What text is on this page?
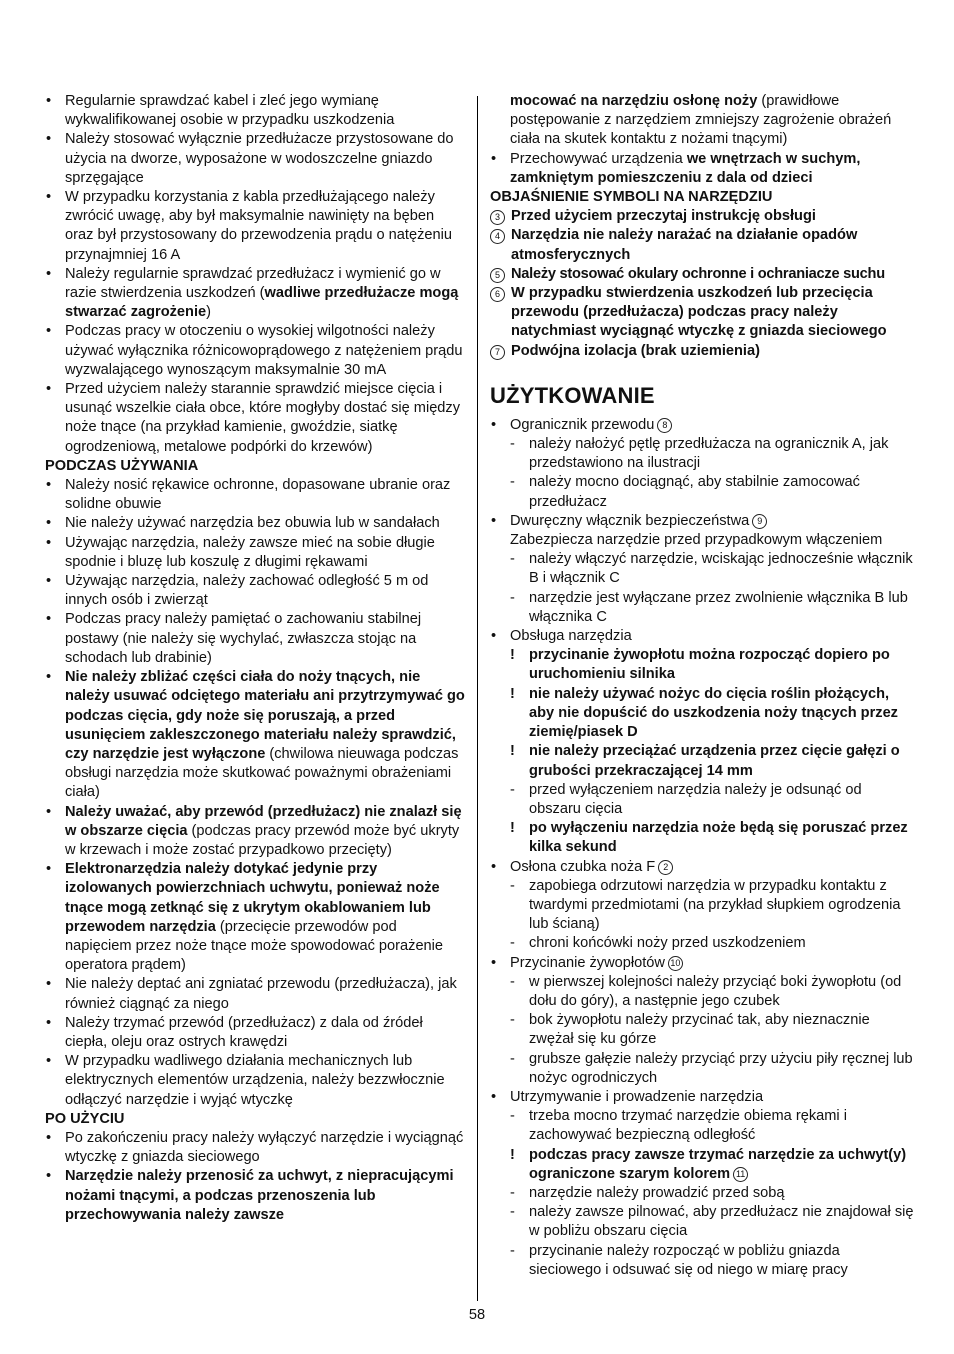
• Regularnie sprawdzać kabel i zleć jego wymianę wykwalifikowanej osobie w przypadku uszkodzenia
• Należy stosować wyłącznie przedłużacze przystosowane do użycia na dworze, wyposażone w wodoszczelne gniazdo sprzęgające
• W przypadku korzystania z kabla przedłużającego należy zwrócić uwagę, aby był maksymalnie nawinięty na bęben oraz był przystosowany do przewodzenia prądu o natężeniu przynajmniej 16 A
• Należy regularnie sprawdzać przedłużacz i wymienić go w razie stwierdzenia uszkodzeń (wadliwe przedłużacze mogą stwarzać zagrożenie)
• Podczas pracy w otoczeniu o wysokiej wilgotności należy używać wyłącznika różnicowoprądowego z natężeniem prądu wyzwalającego wynoszącym maksymalnie 30 mA
• Przed użyciem należy starannie sprawdzić miejsce cięcia i usunąć wszelkie ciała obce, które mogłyby dostać się między noże tnące (na przykład kamienie, gwoździe, siatkę ogrodzeniową, metalowe podpórki do krzewów)
PODCZAS UŻYWANIA
• Należy nosić rękawice ochronne, dopasowane ubranie oraz solidne obuwie
• Nie należy używać narzędzia bez obuwia lub w sandałach
• Używając narzędzia, należy zawsze mieć na sobie długie spodnie i bluzę lub koszulę z długimi rękawami
• Używając narzędzia, należy zachować odległość 5 m od innych osób i zwierząt
• Podczas pracy należy pamiętać o zachowaniu stabilnej postawy (nie należy się wychylać, zwłaszcza stojąc na schodach lub drabinie)
• Nie należy zbliżać części ciała do noży tnących, nie należy usuwać odciętego materiału ani przytrzymywać go podczas cięcia, gdy noże się poruszają, a przed usunięciem zakleszczonego materiału należy sprawdzić, czy narzędzie jest wyłączone (chwilowa nieuwaga podczas obsługi narzędzia może skutkować poważnymi obrażeniami ciała)
• Należy uważać, aby przewód (przedłużacz) nie znalazł się w obszarze cięcia (podczas pracy przewód może być ukryty w krzewach i może zostać przypadkowo przecięty)
• Elektronarzędzia należy dotykać jedynie przy izolowanych powierzchniach uchwytu, ponieważ noże tnące mogą zetknąć się z ukrytym okablowaniem lub przewodem narzędzia (przecięcie przewodów pod napięciem przez noże tnące może spowodować porażenie operatora prądem)
• Nie należy deptać ani zgniatać przewodu (przedłużacza), jak również ciągnąć za niego
• Należy trzymać przewód (przedłużacz) z dala od źródeł ciepła, oleju oraz ostrych krawędzi
• W przypadku wadliwego działania mechanicznych lub elektrycznych elementów urządzenia, należy bezzwłocznie odłączyć narzędzie i wyjąć wtyczkę
PO UŻYCIU
• Po zakończeniu pracy należy wyłączyć narzędzie i wyciągnąć wtyczkę z gniazda sieciowego
• Narzędzie należy przenosić za uchwyt, z niepracującymi nożami tnącymi, a podczas przenoszenia lub przechowywania należy zawsze
mocować na narzędziu osłonę noży (prawidłowe postępowanie z narzędziem zmniejszy zagrożenie obrażeń ciała na skutek kontaktu z nożami tnącymi)
• Przechowywać urządzenia we wnętrzach w suchym, zamkniętym pomieszczeniu z dala od dzieci
OBJAŚNIENIE SYMBOLI NA NARZĘDZIU
3 Przed użyciem przeczytaj instrukcję obsługi
4 Narzędzia nie należy narażać na działanie opadów atmosferycznych
5 Należy stosować okulary ochronne i ochraniacze suchu
6 W przypadku stwierdzenia uszkodzeń lub przecięcia przewodu (przedłużacza) podczas pracy należy natychmiast wyciągnąć wtyczkę z gniazda sieciowego
7 Podwójna izolacja (brak uziemienia)
UŻYTKOWANIE
• Ogranicznik przewodu 8
- należy nałożyć pętlę przedłużacza na ogranicznik A, jak przedstawiono na ilustracji
- należy mocno dociągnąć, aby stabilnie zamocować przedłużacz
• Dwuręczny włącznik bezpieczeństwa 9
Zabezpiecza narzędzie przed przypadkowym włączeniem
- należy włączyć narzędzie, wciskając jednocześnie włącznik B i włącznik C
- narzędzie jest wyłączane przez zwolnienie włącznika B lub włącznika C
• Obsługa narzędzia
! przycinanie żywopłotu można rozpocząć dopiero po uruchomieniu silnika
! nie należy używać nożyc do cięcia roślin płożących, aby nie dopuścić do uszkodzenia noży tnących przez ziemię/piasek D
! nie należy przeciążać urządzenia przez cięcie gałęzi o grubości przekraczającej 14 mm
- przed wyłączeniem narzędzia należy je odsunąć od obszaru cięcia
! po wyłączeniu narzędzia noże będą się poruszać przez kilka sekund
• Osłona czubka noża F 2
- zapobiega odrzutowi narzędzia w przypadku kontaktu z twardymi przedmiotami (na przykład słupkiem ogrodzenia lub ścianą)
- chroni końcówki noży przed uszkodzeniem
• Przycinanie żywopłotów 10
- w pierwszej kolejności należy przyciąć boki żywopłotu (od dołu do góry), a następnie jego czubek
- bok żywopłotu należy przycinać tak, aby nieznacznie zwężał się ku górze
- grubsze gałęzie należy przyciąć przy użyciu piły ręcznej lub nożyc ogrodniczych
• Utrzymywanie i prowadzenie narzędzia
- trzeba mocno trzymać narzędzie obiema rękami i zachowywać bezpieczną odległość
! podczas pracy zawsze trzymać narzędzie za uchwyt(y) ograniczone szarym kolorem 11
- narzędzie należy prowadzić przed sobą
- należy zawsze pilnować, aby przedłużacz nie znajdował się w pobliżu obszaru cięcia
- przycinanie należy rozpocząć w pobliżu gniazda sieciowego i odsuwać się od niego w miarę pracy
58
